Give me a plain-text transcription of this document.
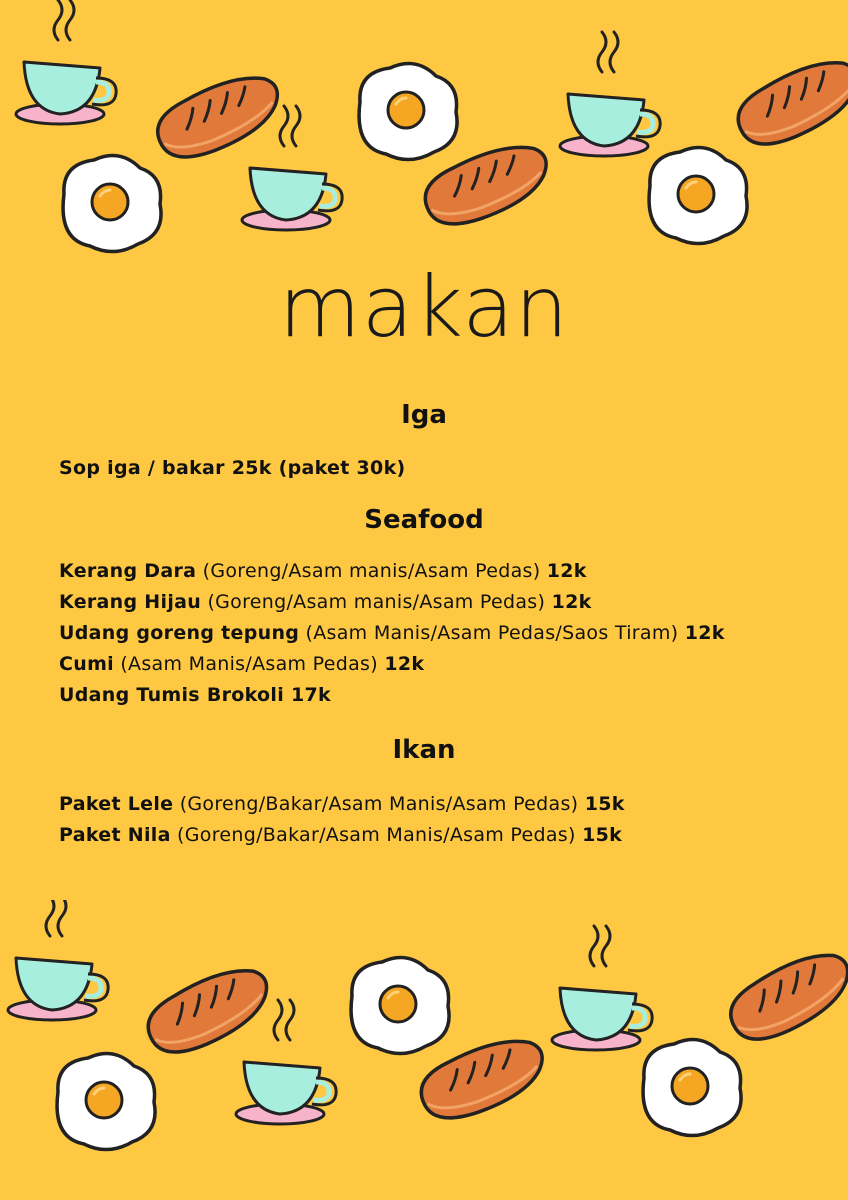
makan
Iga

Sop iga / bakar 25k (paket 30k)

Seafood

Kerang Dara (Goreng/Asam manis/Asam Pedas) 12k

Kerang Hijau (Goreng/Asam manis/Asam Pedas) 12k

Udang goreng tepung (Asam Manis/Asam Pedas/Saos Tiram) 12k

Cumi (Asam Manis/Asam Pedas) 12k

Udang Tumis Brokoli 17k

Ikan

Paket Lele (Goreng/Bakar/Asam Manis/Asam Pedas) 15k

Paket Nila (Goreng/Bakar/Asam Manis/Asam Pedas) 15k
